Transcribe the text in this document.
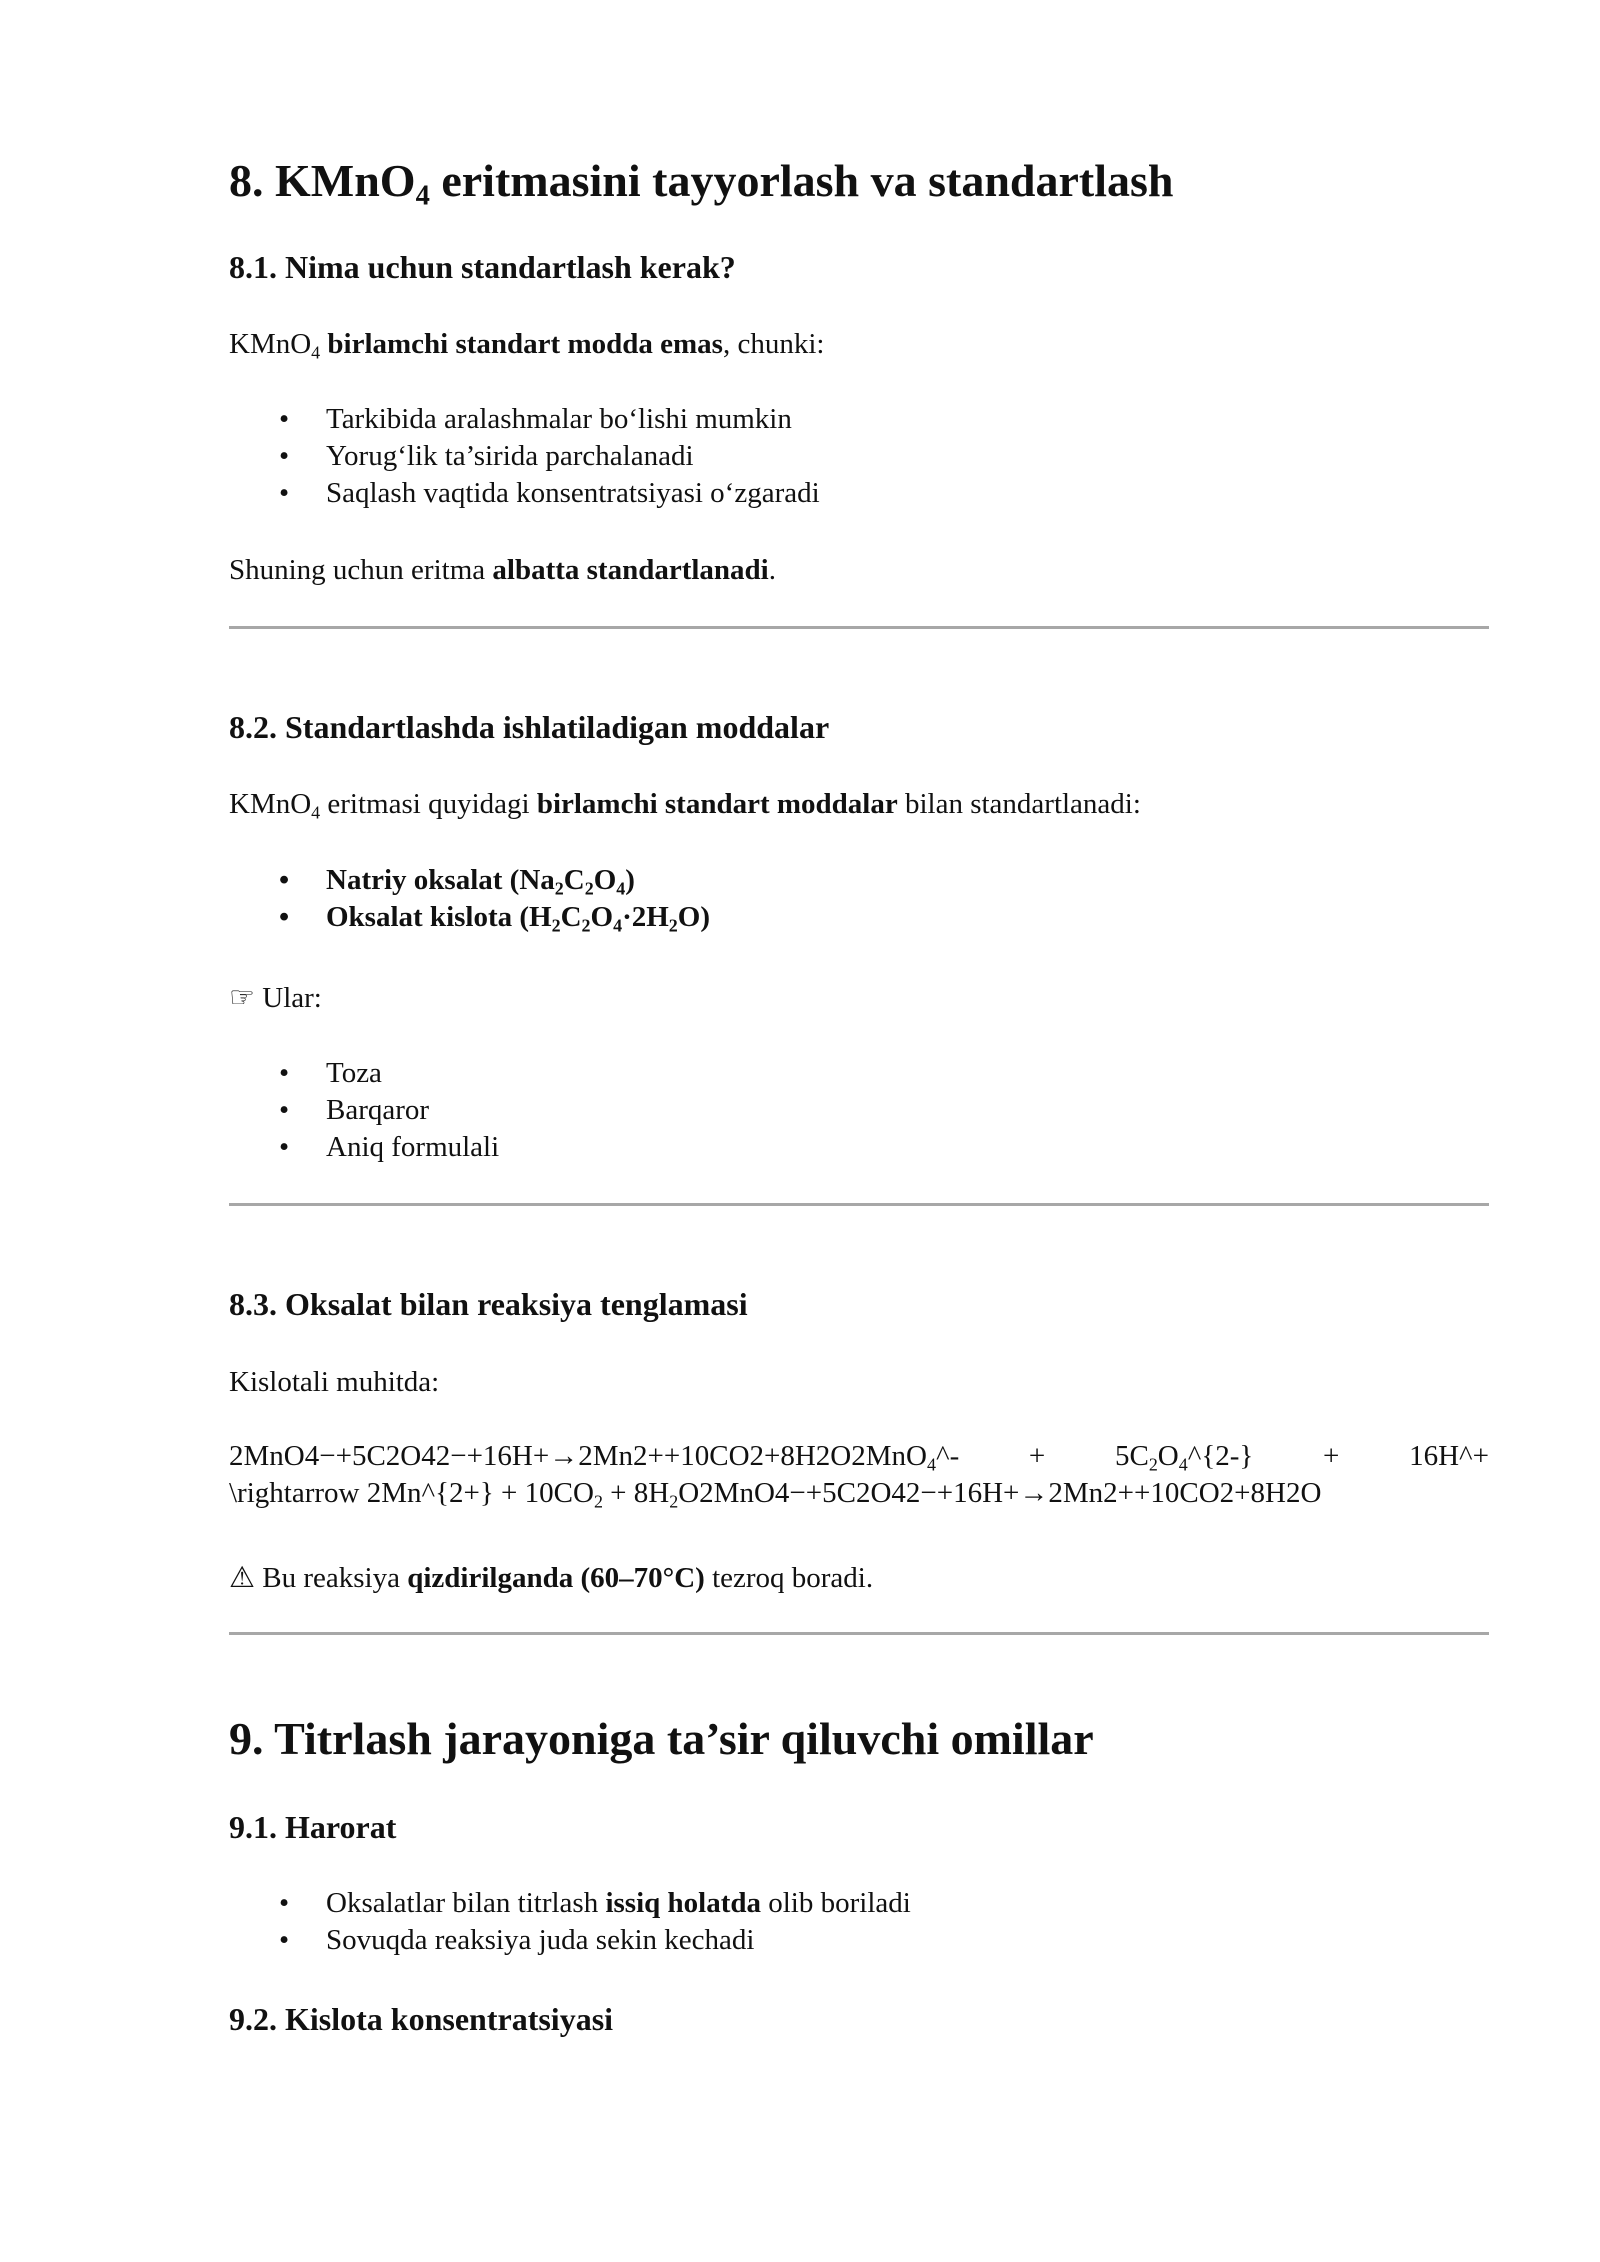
8. KMnO$_4$ eritmasini tayyorlash va standartlash
8.1. Nima uchun standartlash kerak?

KMnO$_4$ birlamchi standart modda emas, chunki:

• Tarkibida aralashmalar bo‘lishi mumkin
• Yorug‘lik ta’sirida parchalanadi
• Saqlash vaqtida konsentratsiyasi o‘zgaradi

Shuning uchun eritma albatta standartlanadi.

8.2. Standartlashda ishlatiladigan moddalar

KMnO$_4$ eritmasi quyidagi birlamchi standart moddalar bilan standartlanadi:

• Natriy oksalat $(Na_2C_2O_4)$
• Oksalat kislota $(H_2C_2O_4\cdot 2H_2O)$

☞ Ular:

• Toza
• Barqaror
• Aniq formulali
8.3. Oksalat bilan reaksiya tenglamasi

Kislotali muhitda:

2MnO4−+5C2O42−+16H+→2Mn2++10CO2+8H2O2MnO$_4$^- + $5C_2O_4\^{}\{2-\}$ + 16H^+
\rightarrow 2Mn^{2+} + $10CO_2 + 8H_2O2MnO4-+5C2O42-+16H+\to 2Mn2++10CO2+8H2O$

⚠ Bu reaksiya qizdirilganda (60–70°C) tezroq boradi.

9. Titrlash jarayoniga ta’sir qiluvchi omillar
9.1. Harorat
• Oksalatlar bilan titrlash issiq holatda olib boriladi
• Sovuqda reaksiya juda sekin kechadi
9.2. Kislota konsentratsiyasi
